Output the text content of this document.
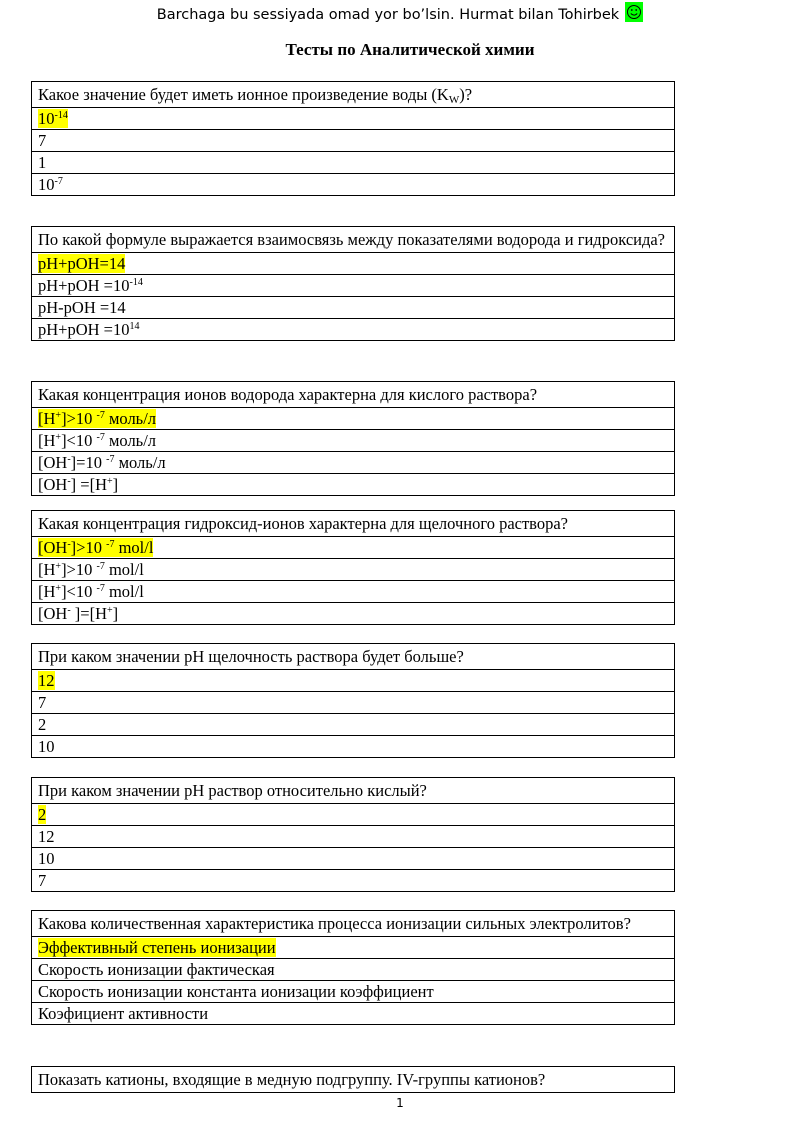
Barchaga bu sessiyada omad yor bo’lsin. Hurmat bilan Tohirbek
Тесты по Аналитической химии
Какое значение будет иметь ионное произведение воды $(K_W)$?
$10^{-14}$
7
1
$10^{-7}$
По какой формуле выражается взаимосвязь между показателями водорода и гидроксида?
pH+pOH=14
$pH+pOH =10^{-14}$
pH-pOH =14
$pH+pOH =10^{14}$
Какая концентрация ионов водорода характерна для кислого раствора?
[H+]>10 $^{-7}$ моль/л
[H+]<10 $^{-7}$ моль/л
[OH-]=10 $^{-7}$ моль/л
[OH-] =[H+]
Какая концентрация гидроксид-ионов характерна для щелочного раствора?
[OH-]>10 $^{-7}$ mol/l
[H+]>10 $^{-7}$ mol/l
[H+]<10 $^{-7}$ mol/l
[OH- ]=[H+]
При каком значении pH щелочность раствора будет больше?
12
7
2
10
При каком значении pH раствор относительно кислый?
2
12
10
7
Какова количественная характеристика процесса ионизации сильных электролитов?
Эффективный степень ионизации
Скорость ионизации фактическая
Скорость ионизации константа ионизации коэффициент
Коэфициент активности
Показать катионы, входящие в медную подгруппу. IV-группы катионов?
1
